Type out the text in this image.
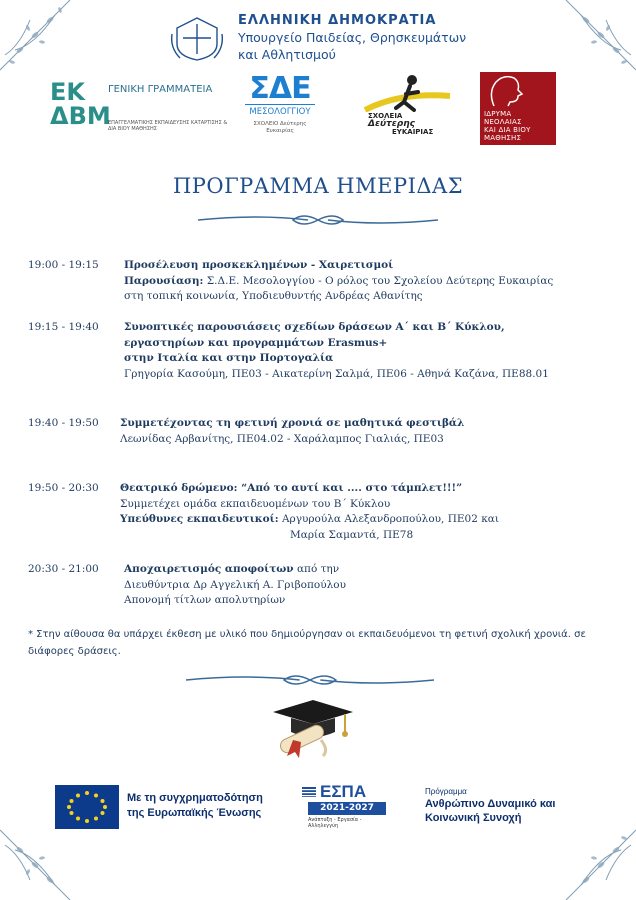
ΕΛΛΗΝΙΚΗ ΔΗΜΟΚΡΑΤΙΑ
Υπουργείο Παιδείας, Θρησκευμάτων
και Αθλητισμού
ΕΚ
ΔΒΜ
ΓΕΝΙΚΗ ΓΡΑΜΜΑΤΕΙΑ
ΕΠΑΓΓΕΛΜΑΤΙΚΗΣ ΕΚΠΑΙΔΕΥΣΗΣ ΚΑΤΑΡΤΙΣΗΣ & ΔΙΑ ΒΙΟΥ ΜΑΘΗΣΗΣ
ΣΔΕ
ΜΕΣΟΛΟΓΓΙΟΥ
ΣΧΟΛΕΙΟ Δεύτερης Ευκαιρίας
ΣΧΟΛΕΙΑ
Δεύτερης
ΕΥΚΑΙΡΙΑΣ
ΙΔΡΥΜΑ
ΝΕΟΛΑΙΑΣ
ΚΑΙ ΔΙΑ ΒΙΟΥ
ΜΑΘΗΣΗΣ
ΠΡΟΓΡΑΜΜΑ ΗΜΕΡΙΔΑΣ
19:00 - 19:15 Προσέλευση προσκεκλημένων - Χαιρετισμοί
Παρουσίαση: Σ.Δ.Ε. Μεσολογγίου - Ο ρόλος του Σχολείου Δεύτερης Ευκαιρίας
στη τοπική κοινωνία, Υποδιευθυντής Ανδρέας Αθανίτης
19:15 - 19:40 Συνοπτικές παρουσιάσεις σχεδίων δράσεων Α΄ και Β΄ Κύκλου,
εργαστηρίων και προγραμμάτων Erasmus+
στην Ιταλία και στην Πορτογαλία
Γρηγορία Κασούμη, ΠΕ03 - Αικατερίνη Σαλμά, ΠΕ06 - Αθηνά Καζάνα, ΠΕ88.01
19:40 - 19:50 Συμμετέχοντας τη φετινή χρονιά σε μαθητικά φεστιβάλ
Λεωνίδας Αρβανίτης, ΠΕ04.02 - Χαράλαμπος Γιαλιάς, ΠΕ03
19:50 - 20:30 Θεατρικό δρώμενο: “Από το αυτί και .... στο τάμπλετ!!!”
Συμμετέχει ομάδα εκπαιδευομένων του Β΄ Κύκλου
Υπεύθυνες εκπαιδευτικοί: Αργυρούλα Αλεξανδροπούλου, ΠΕ02 και
Μαρία Σαμαντά, ΠΕ78
20:30 - 21:00 Αποχαιρετισμός αποφοίτων από την
Διευθύντρια Δρ Αγγελική Α. Γριβοπούλου
Απονομή τίτλων απολυτηρίων
* Στην αίθουσα θα υπάρχει έκθεση με υλικό που δημιούργησαν οι εκπαιδευόμενοι τη φετινή σχολική χρονιά. σε διάφορες δράσεις.
Με τη συγχρηματοδότηση
της Ευρωπαϊκής Ένωσης
ΕΣΠΑ
2021-2027
Ανάπτυξη - Εργασία - Αλληλεγγύη
Πρόγραμμα
Ανθρώπινο Δυναμικό και
Κοινωνική Συνοχή
